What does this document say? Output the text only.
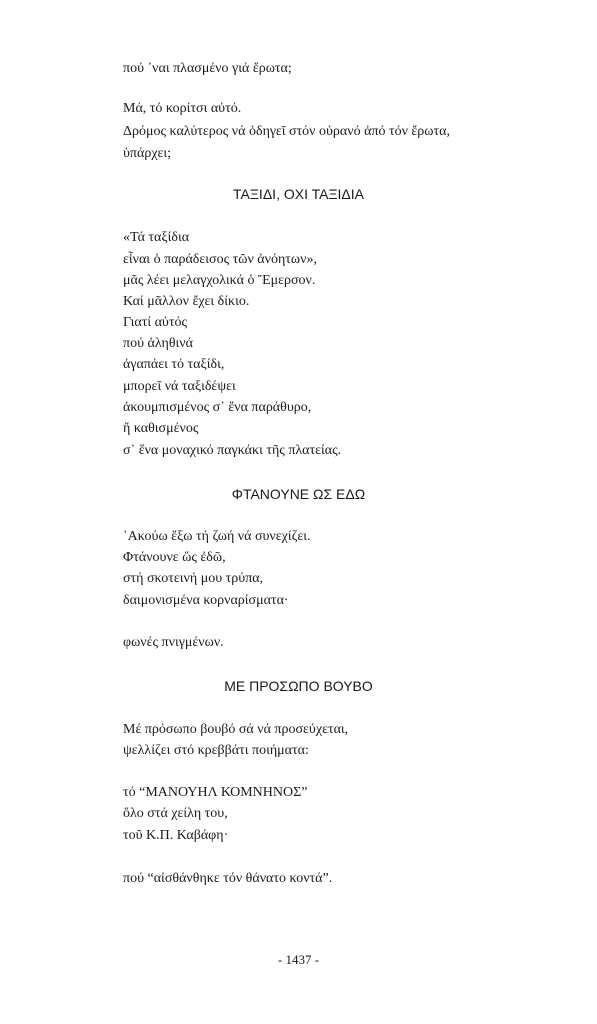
πού ᾽ναι πλασμένο γιά ἔρωτα;
Μά, τό κορίτσι αὐτό.
Δρόμος καλύτερος νά ὁδηγεῖ στόν οὐρανό ἀπό τόν ἔρωτα,
ὑπάρχει;
ΤΑΞΙΔΙ, ΟΧΙ ΤΑΞΙΔΙΑ
«Τά ταξίδια
εἶναι ὁ παράδεισος τῶν ἀνόητων»,
μᾶς λέει μελαγχολικά ὁ Ἔμερσον.
Καί μᾶλλον ἔχει δίκιο.
Γιατί αὐτός
πού ἀληθινά
ἀγαπάει τό ταξίδι,
μπορεῖ νά ταξιδέψει
ἀκουμπισμένος σ᾽ ἕνα παράθυρο,
ἤ καθισμένος
σ᾽ ἕνα μοναχικό παγκάκι τῆς πλατείας.
ΦΤΑΝΟΥΝΕ ΩΣ ΕΔΩ
᾽Ακούω ἔξω τή ζωή νά συνεχίζει.
Φτάνουνε ὥς ἐδῶ,
στή σκοτεινή μου τρύπα,
δαιμονισμένα κορναρίσματα·
φωνές πνιγμένων.
ΜΕ ΠΡΟΣΩΠΟ ΒΟΥΒΟ
Μέ πρόσωπο βουβό σά νά προσεύχεται,
ψελλίζει στό κρεββάτι ποιήματα:
τό “ΜΑΝΟΥΗΛ ΚΟΜΝΗΝΟΣ”
ὅλο στά χείλη του,
τοῦ Κ.Π. Καβάφη·
πού “αἰσθάνθηκε τόν θάνατο κοντά”.
- 1437 -
